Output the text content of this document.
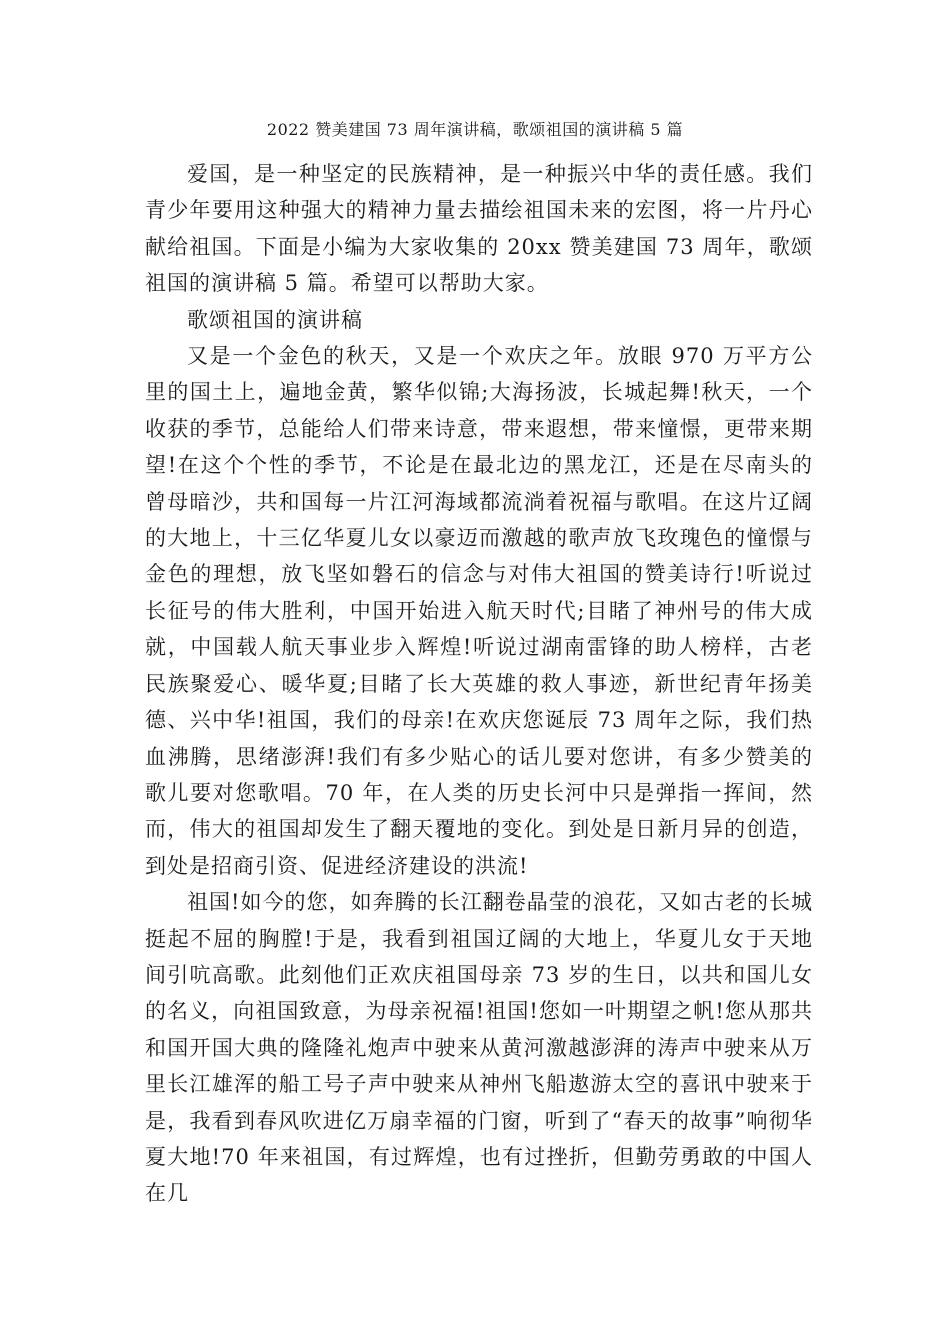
2022 赞美建国 73 周年演讲稿，歌颂祖国的演讲稿 5 篇

爱国，是一种坚定的民族精神，是一种振兴中华的责任感。我们青少年要用这种强大的精神力量去描绘祖国未来的宏图，将一片丹心献给祖国。下面是小编为大家收集的 20xx 赞美建国 73 周年，歌颂祖国的演讲稿 5 篇。希望可以帮助大家。

歌颂祖国的演讲稿

又是一个金色的秋天，又是一个欢庆之年。放眼 970 万平方公里的国土上，遍地金黄，繁华似锦;大海扬波，长城起舞!秋天，一个收获的季节，总能给人们带来诗意，带来遐想，带来憧憬，更带来期望!在这个个性的季节，不论是在最北边的黑龙江，还是在尽南头的曾母暗沙，共和国每一片江河海域都流淌着祝福与歌唱。在这片辽阔的大地上，十三亿华夏儿女以豪迈而激越的歌声放飞玫瑰色的憧憬与金色的理想，放飞坚如磐石的信念与对伟大祖国的赞美诗行!听说过长征号的伟大胜利，中国开始进入航天时代;目睹了神州号的伟大成就，中国载人航天事业步入辉煌!听说过湖南雷锋的助人榜样，古老民族聚爱心、暖华夏;目睹了长大英雄的救人事迹，新世纪青年扬美德、兴中华!祖国，我们的母亲!在欢庆您诞辰 73 周年之际，我们热血沸腾，思绪澎湃!我们有多少贴心的话儿要对您讲，有多少赞美的歌儿要对您歌唱。70 年，在人类的历史长河中只是弹指一挥间，然而，伟大的祖国却发生了翻天覆地的变化。到处是日新月异的创造，到处是招商引资、促进经济建设的洪流!

祖国!如今的您，如奔腾的长江翻卷晶莹的浪花，又如古老的长城挺起不屈的胸膛!于是，我看到祖国辽阔的大地上，华夏儿女于天地间引吭高歌。此刻他们正欢庆祖国母亲 73 岁的生日，以共和国儿女的名义，向祖国致意，为母亲祝福!祖国!您如一叶期望之帆!您从那共和国开国大典的隆隆礼炮声中驶来从黄河激越澎湃的涛声中驶来从万里长江雄浑的船工号子声中驶来从神州飞船遨游太空的喜讯中驶来于是，我看到春风吹进亿万扇幸福的门窗，听到了“春天的故事”响彻华夏大地!70 年来祖国，有过辉煌，也有过挫折，但勤劳勇敢的中国人在几
